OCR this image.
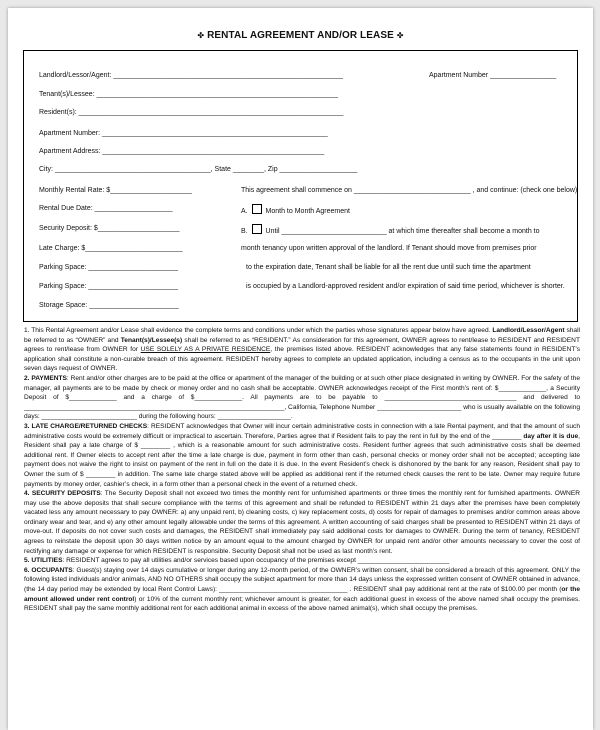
✤ RENTAL AGREEMENT AND/OR LEASE ✤
Landlord/Lessor/Agent: ___________________________________________________________	Apartment Number _________________
Tenant(s)/Lessee: ______________________________________________________________
Resident(s): ____________________________________________________________________
Apartment Number: __________________________________________________________
Apartment Address: _________________________________________________________
City: ________________________________________, State ________, Zip ____________________
Monthly Rental Rate: $_____________________	This agreement shall commence on ______________________________ , and continue: (check one below)
Rental Due Date: ____________________	A.	Month to Month Agreement
Security Deposit: $_____________________	B.	Until ___________________________ at which time thereafter shall become a month to
Late Charge: $_________________________	month tenancy upon written approval of the landlord. If Tenant should move from premises prior
Parking Space: _______________________	to the expiration date, Tenant shall be liable for all the rent due until such time the apartment
Parking Space: _______________________	is occupied by a Landlord-approved resident and/or expiration of said time period, whichever is shorter.
Storage Space: _______________________

1. This Rental Agreement and/or Lease shall evidence the complete terms and conditions under which the parties whose signatures appear below have agreed. Landlord/Lessor/Agent shall be referred to as “OWNER” and Tenant(s)/Lessee(s) shall be referred to as “RESIDENT.” As consideration for this agreement, OWNER agrees to rent/lease to RESIDENT and RESIDENT agrees to rent/lease from OWNER for USE SOLELY AS A PRIVATE RESIDENCE, the premises listed above. RESIDENT acknowledges that any false statements found in RESIDENT’s application shall constitute a non-curable breach of this agreement. RESIDENT hereby agrees to complete an updated application, including a census as to the occupants in the unit upon seven days request of OWNER.

2. PAYMENTS: Rent and/or other charges are to be paid at the office or apartment of the manager of the building or at such other place designated in writing by OWNER. For the safety of the manager, all payments are to be made by check or money order and no cash shall be acceptable. OWNER acknowledges receipt of the First month’s rent of: $_____________, a Security Deposit of $_____________ and a charge of $_____________. All payments are to be payable to ____________________________________ and delivered to _______________________________________________________________________, California, Telephone Number _______________________ who is usually available on the following days: __________________________ during the following hours: ____________________.

3. LATE CHARGE/RETURNED CHECKS: RESIDENT acknowledges that Owner will incur certain administrative costs in connection with a late Rental payment, and that the amount of such administrative costs would be extremely difficult or impractical to ascertain. Therefore, Parties agree that if Resident fails to pay the rent in full by the end of the ________ day after it is due, Resident shall pay a late charge of $ ________ , which is a reasonable amount for such administrative costs. Resident further agrees that such administrative costs shall be deemed additional rent. If Owner elects to accept rent after the time a late charge is due, payment in form other than cash, personal checks or money order shall not be accepted; accepting late payment does not waive the right to insist on payment of the rent in full on the date it is due. In the event Resident’s check is dishonored by the bank for any reason, Resident shall pay to Owner the sum of $ ________ in addition. The same late charge stated above will be applied as additional rent if the returned check causes the rent to be late. Owner may require future payments by money order, cashier’s check, in a form other than a personal check in the event of a returned check.

4. SECURITY DEPOSITS: The Security Deposit shall not exceed two times the monthly rent for unfurnished apartments or three times the monthly rent for furnished apartments. OWNER may use the above deposits that shall secure compliance with the terms of this agreement and shall be refunded to RESIDENT within 21 days after the premises have been completely vacated less any amount necessary to pay OWNER: a) any unpaid rent, b) cleaning costs, c) key replacement costs, d) costs for repair of damages to premises and/or common areas above ordinary wear and tear, and e) any other amount legally allowable under the terms of this agreement. A written accounting of said charges shall be presented to RESIDENT within 21 days of move-out. If deposits do not cover such costs and damages, the RESIDENT shall immediately pay said additional costs for damages to OWNER. During the term of tenancy, RESIDENT agrees to reinstate the deposit upon 30 days written notice by an amount equal to the amount charged by OWNER for unpaid rent and/or other amounts necessary to cover the cost of rectifying any damage or expense for which RESIDENT is responsible. Security Deposit shall not be used as last month’s rent.

5. UTILITIES: RESIDENT agrees to pay all utilities and/or services based upon occupancy of the premises except _________________________

6. OCCUPANTS: Guest(s) staying over 14 days cumulative or longer during any 12-month period, of the OWNER’s written consent, shall be considered a breach of this agreement. ONLY the following listed individuals and/or animals, AND NO OTHERS shall occupy the subject apartment for more than 14 days unless the expressed written consent of OWNER obtained in advance, (the 14 day period may be extended by local Rent Control Laws): ___________________________________ . RESIDENT shall pay additional rent at the rate of $100.00 per month (or the amount allowed under rent control) or 10% of the current monthly rent; whichever amount is greater, for each additional guest in excess of the above named shall occupy the premises. RESIDENT shall pay the same monthly additional rent for each additional animal in excess of the above named animal(s), which shall occupy the premises.
